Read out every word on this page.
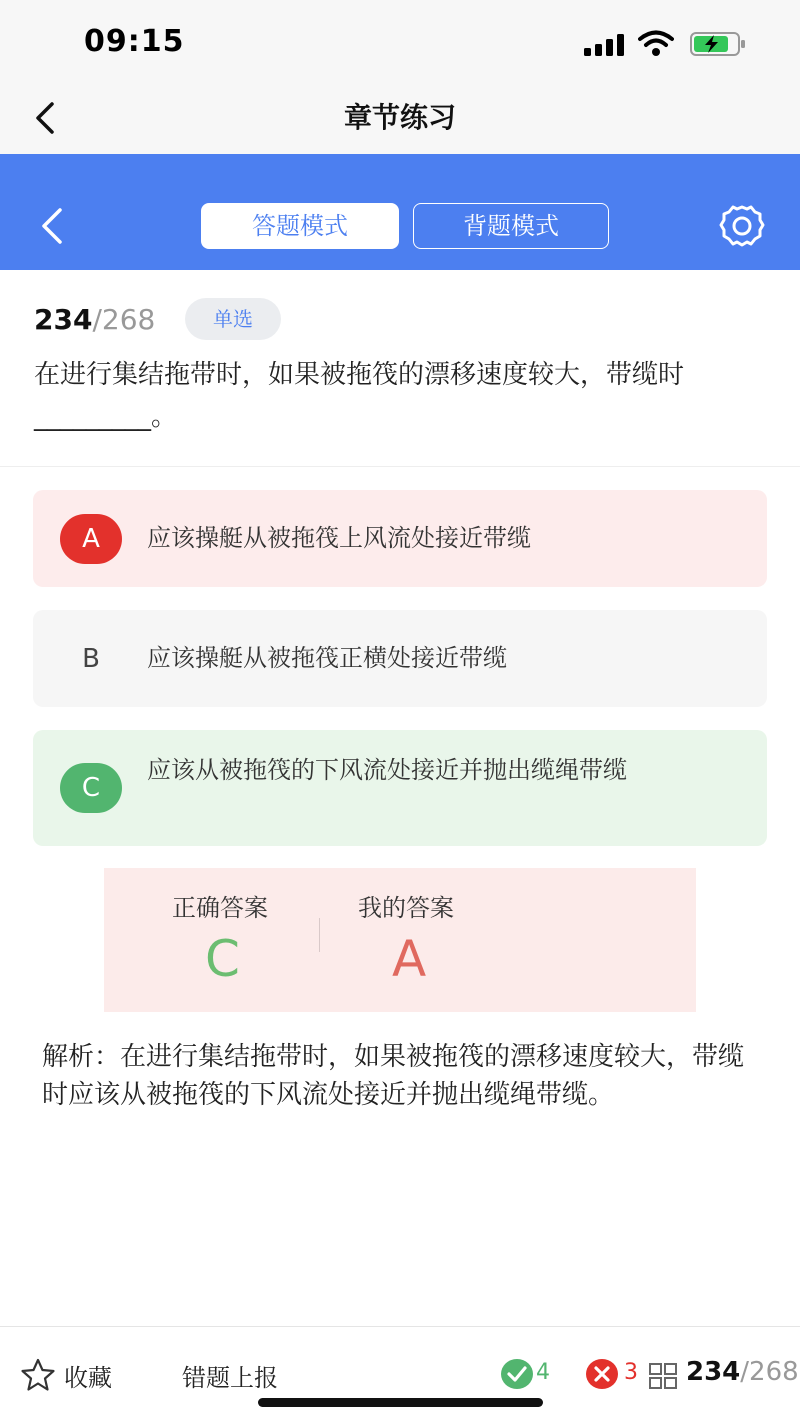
09:15
章节练习
答题模式	背题模式
234/268	单选
在进行集结拖带时，如果被拖筏的漂移速度较大，带缆时_________。
A	应该操艇从被拖筏上风流处接近带缆
B	应该操艇从被拖筏正横处接近带缆
C
应该从被拖筏的下风流处接近并抛出缆绳带缆
正确答案	我的答案
C	A
解析：在进行集结拖带时，如果被拖筏的漂移速度较大，带缆时应该从被拖筏的下风流处接近并抛出缆绳带缆。
收藏	错题上报	4	3 234/268
